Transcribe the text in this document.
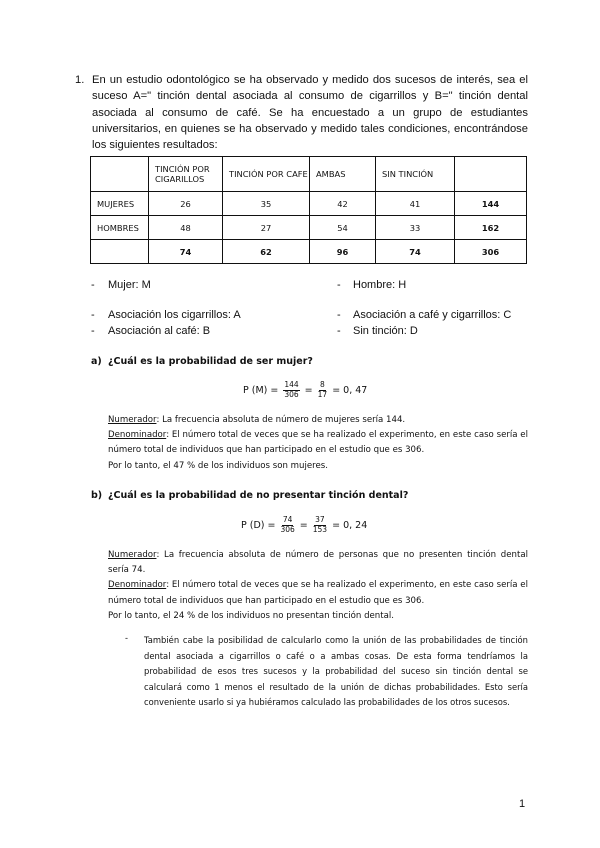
1. En un estudio odontológico se ha observado y medido dos sucesos de interés, sea el suceso A=" tinción dental asociada al consumo de cigarrillos y B=" tinción dental asociada al consumo de café. Se ha encuestado a un grupo de estudiantes universitarios, en quienes se ha observado y medido tales condiciones, encontrándose los siguientes resultados:
	TINCIÓN POR CIGARILLOS	TINCIÓN POR CAFE	AMBAS	SIN TINCIÓN	
MUJERES	26	35	42	41	144
HOMBRES	48	27	54	33	162
	74	62	96	74	306
- Mujer: M	- Hombre: H
- Asociación los cigarrillos: A	- Asociación a café y cigarrillos: C
- Asociación al café: B	- Sin tinción: D
a) ¿Cuál es la probabilidad de ser mujer?
P $(M) = \frac{144}{306} = \frac{8}{17} = 0$, 47
Numerador: La frecuencia absoluta de número de mujeres sería 144.
Denominador: El número total de veces que se ha realizado el experimento, en este caso sería el número total de individuos que han participado en el estudio que es 306.
Por lo tanto, el 47 % de los individuos son mujeres.
b) ¿Cuál es la probabilidad de no presentar tinción dental?
P $(D) = \frac{74}{306} = \frac{37}{153} = 0$, 24
Numerador: La frecuencia absoluta de número de personas que no presenten tinción dental sería 74.
Denominador: El número total de veces que se ha realizado el experimento, en este caso sería el número total de individuos que han participado en el estudio que es 306.
Por lo tanto, el 24 % de los individuos no presentan tinción dental.
- También cabe la posibilidad de calcularlo como la unión de las probabilidades de tinción dental asociada a cigarrillos o café o a ambas cosas. De esta forma tendríamos la probabilidad de esos tres sucesos y la probabilidad del suceso sin tinción dental se calculará como 1 menos el resultado de la unión de dichas probabilidades. Esto sería conveniente usarlo si ya hubiéramos calculado las probabilidades de los otros sucesos.
1
